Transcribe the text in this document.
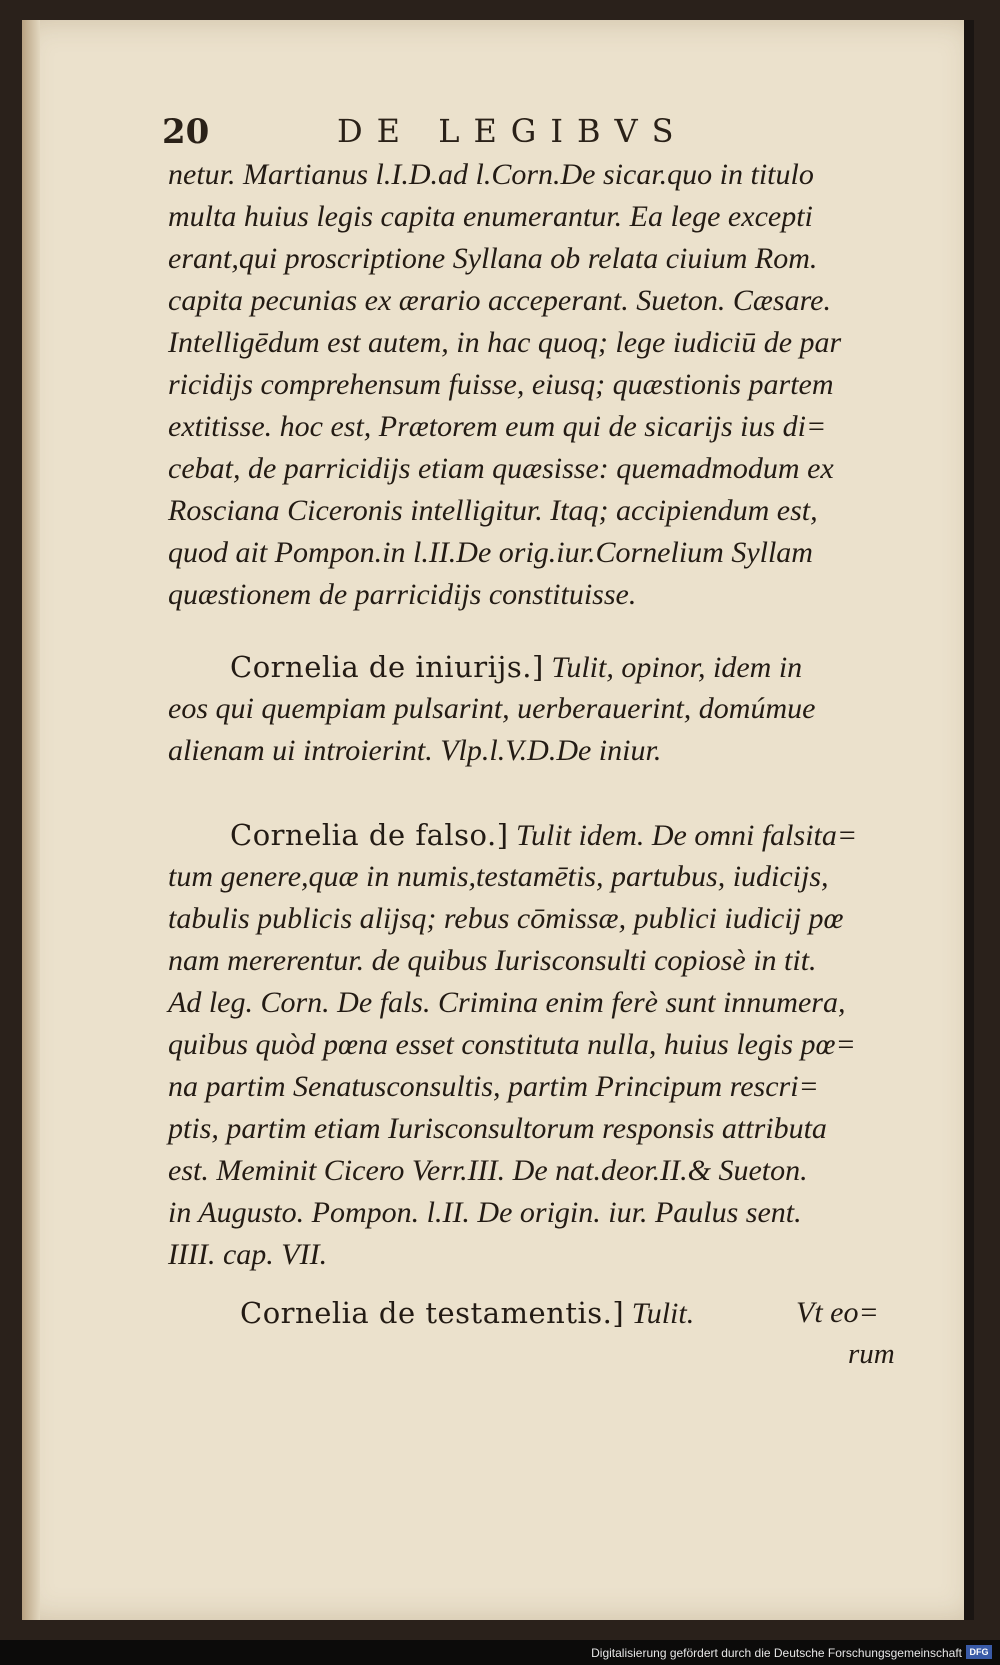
20	DE LEGIBVS
netur. Martianus l.I.D.ad l.Corn.De sicar.quo in titulo
multa huius legis capita enumerantur. Ea lege excepti
erant,qui proscriptione Syllana ob relata ciuium Rom.
capita pecunias ex ærario acceperant. Sueton. Cæsare.
Intelligēdum est autem, in hac quoq; lege iudiciū de par
ricidijs comprehensum fuisse, eiusq; quæstionis partem
extitisse. hoc est, Prætorem eum qui de sicarijs ius di=
cebat, de parricidijs etiam quæsisse: quemadmodum ex
Rosciana Ciceronis intelligitur. Itaq; accipiendum est,
quod ait Pompon.in l.II.De orig.iur.Cornelium Syllam
quæstionem de parricidijs constituisse.
Cornelia de iniurijs.] Tulit, opinor, idem in
eos qui quempiam pulsarint, uerberauerint, domúmue
alienam ui introierint. Vlp.l.V.D.De iniur.
Cornelia de falso.] Tulit idem. De omni falsita=
tum genere,quæ in numis,testamētis, partubus, iudicijs,
tabulis publicis alijsq; rebus cōmissæ, publici iudicij pœ
nam mererentur. de quibus Iurisconsulti copiosè in tit.
Ad leg. Corn. De fals. Crimina enim ferè sunt innumera,
quibus quòd pœna esset constituta nulla, huius legis pœ=
na partim Senatusconsultis, partim Principum rescri=
ptis, partim etiam Iurisconsultorum responsis attributa
est. Meminit Cicero Verr.III. De nat.deor.II.& Sueton.
in Augusto. Pompon. l.II. De origin. iur. Paulus sent.
IIII. cap. VII.
Cornelia de testamentis.] Tulit.	Vt eo=
rum
Digitalisierung gefördert durch die Deutsche Forschungsgemeinschaft DFG
